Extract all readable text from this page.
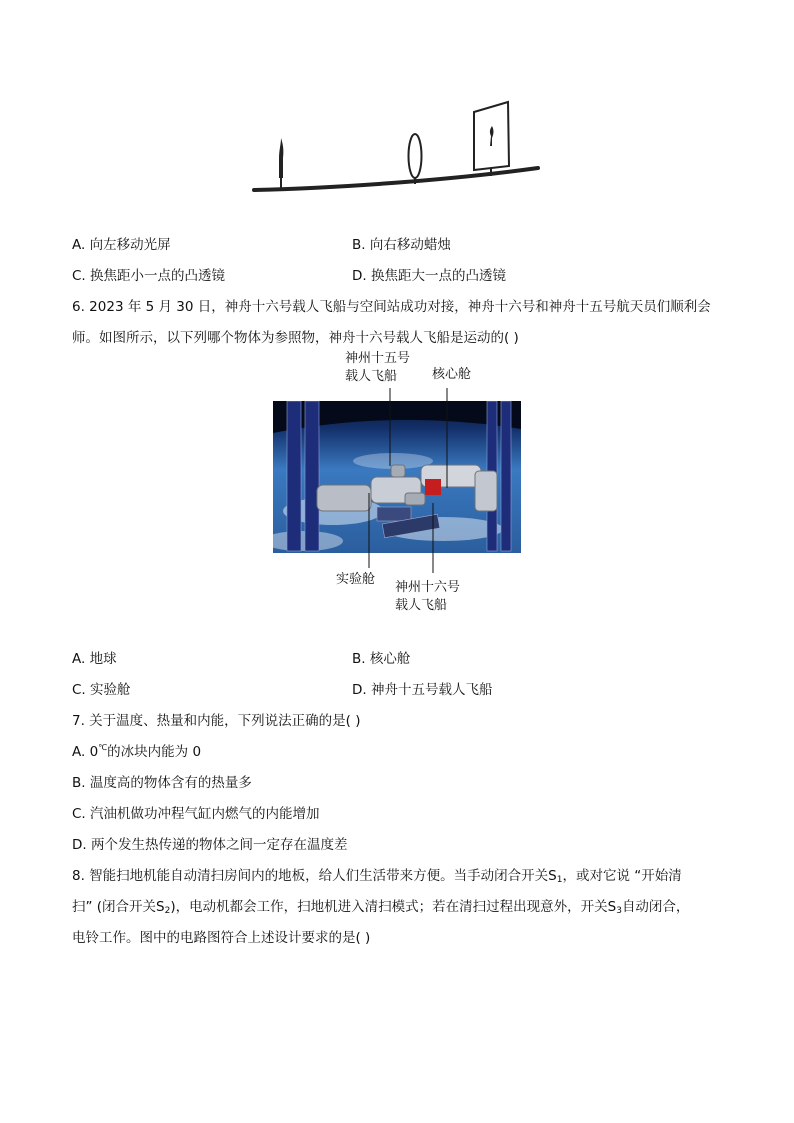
A. 向左移动光屏	B. 向右移动蜡烛
C. 换焦距小一点的凸透镜	D. 换焦距大一点的凸透镜
6. 2023 年 5 月 30 日，神舟十六号载人飞船与空间站成功对接，神舟十六号和神舟十五号航天员们顺利会
师。如图所示，以下列哪个物体为参照物，神舟十六号载人飞船是运动的( )
神州十五号
载人飞船	核心舱
实验舱
神州十六号
载人飞船
A. 地球	B. 核心舱
C. 实验舱	D. 神舟十五号载人飞船
7. 关于温度、热量和内能，下列说法正确的是( )
A. 0℃的冰块内能为 0
B. 温度高的物体含有的热量多
C. 汽油机做功冲程气缸内燃气的内能增加
D. 两个发生热传递的物体之间一定存在温度差
8. 智能扫地机能自动清扫房间内的地板，给人们生活带来方便。当手动闭合开关$S_1$，或对它说 “开始清
扫” (闭合开关$S_2$)，电动机都会工作，扫地机进入清扫模式；若在清扫过程出现意外，开关$S_3$自动闭合，
电铃工作。图中的电路图符合上述设计要求的是( )
